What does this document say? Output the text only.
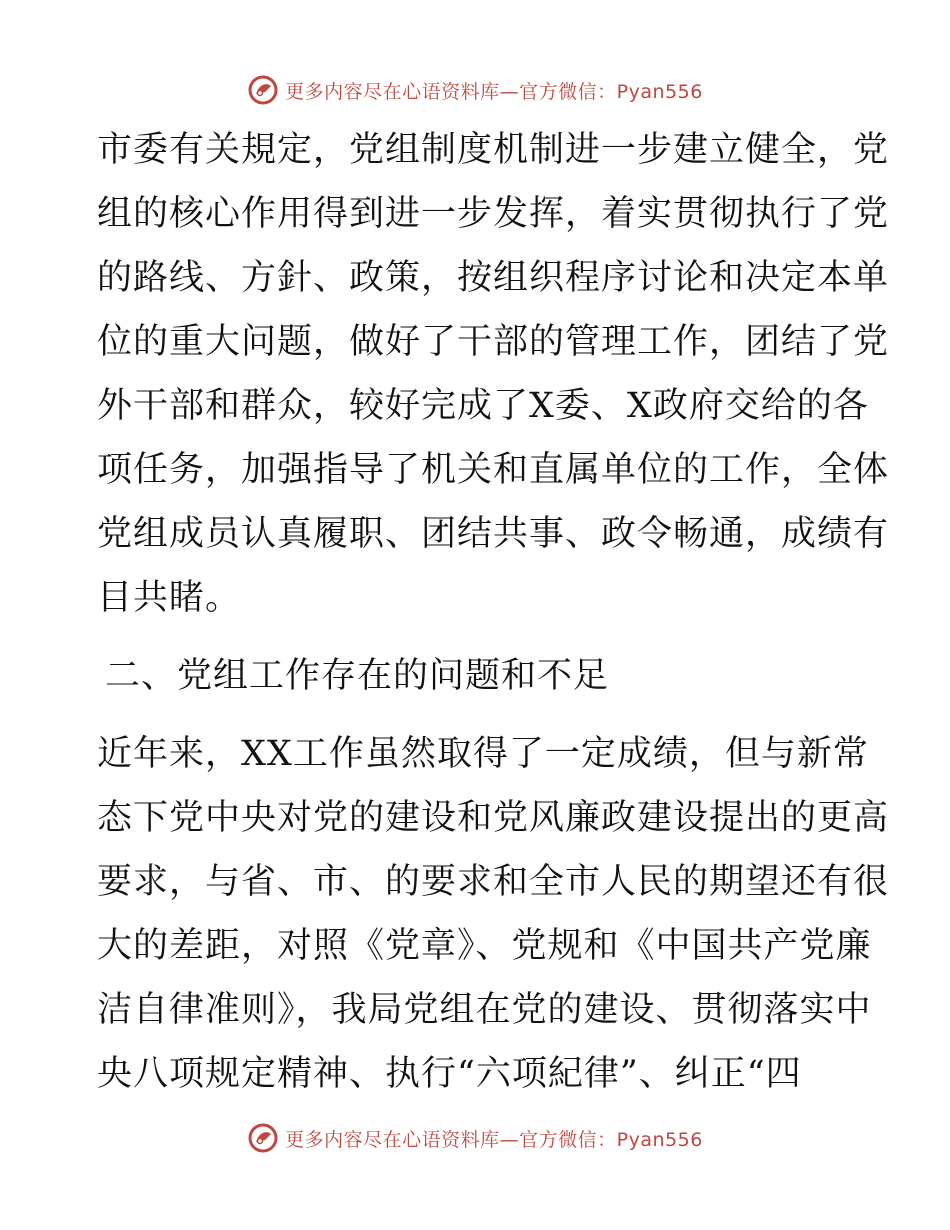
更多内容尽在心语资料库—官方微信：Pyan556
市委有关規定，党组制度机制进一步建立健全，党
组的核心作用得到进一步发挥，着实贯彻执行了党
的路线、方針、政策，按组织程序讨论和决定本单
位的重大问题，做好了干部的管理工作，团结了党
外干部和群众，较好完成了X委、X政府交给的各
项任务，加强指导了机关和直属单位的工作，全体
党组成员认真履职、团结共事、政令畅通，成绩有
目共睹。
二、党组工作存在的问题和不足
近年来，XX工作虽然取得了一定成绩，但与新常
态下党中央对党的建设和党风廉政建设提出的更高
要求，与省、市、的要求和全市人民的期望还有很
大的差距，对照《党章》、党规和《中国共产党廉
洁自律准则》，我局党组在党的建设、贯彻落实中
央八项规定精神、执行“六项紀律”、纠正“四
更多内容尽在心语资料库—官方微信：Pyan556
